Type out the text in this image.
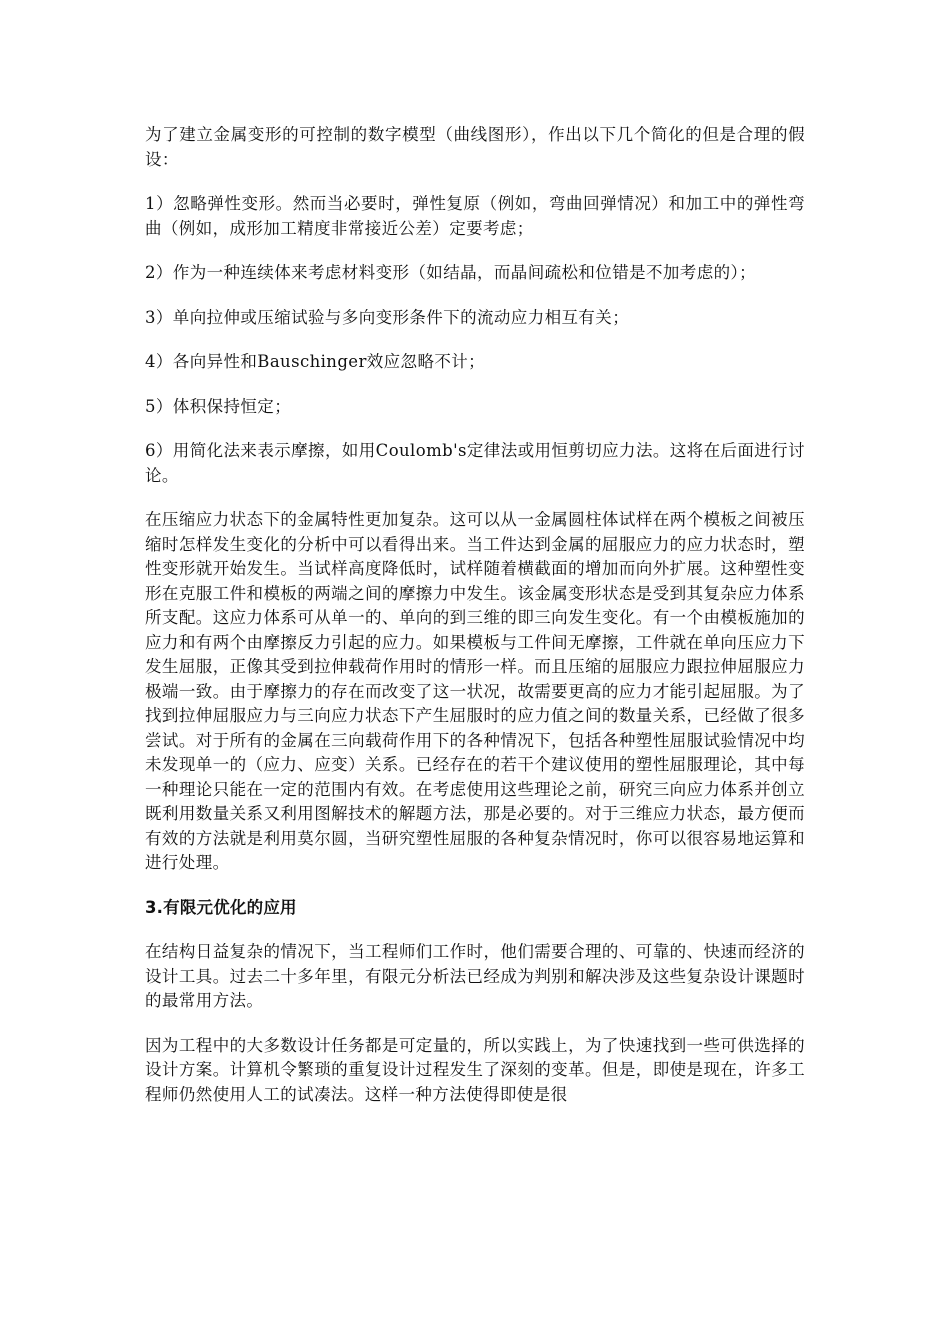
为了建立金属变形的可控制的数字模型（曲线图形），作出以下几个简化的但是合理的假设：

1）忽略弹性变形。然而当必要时，弹性复原（例如，弯曲回弹情况）和加工中的弹性弯曲（例如，成形加工精度非常接近公差）定要考虑；

2）作为一种连续体来考虑材料变形（如结晶，而晶间疏松和位错是不加考虑的）；

3）单向拉伸或压缩试验与多向变形条件下的流动应力相互有关；

4）各向异性和Bauschinger效应忽略不计；

5）体积保持恒定；

6）用简化法来表示摩擦，如用Coulomb's定律法或用恒剪切应力法。这将在后面进行讨论。

在压缩应力状态下的金属特性更加复杂。这可以从一金属圆柱体试样在两个模板之间被压缩时怎样发生变化的分析中可以看得出来。当工件达到金属的屈服应力的应力状态时，塑性变形就开始发生。当试样高度降低时，试样随着横截面的增加而向外扩展。这种塑性变形在克服工件和模板的两端之间的摩擦力中发生。该金属变形状态是受到其复杂应力体系所支配。这应力体系可从单一的、单向的到三维的即三向发生变化。有一个由模板施加的应力和有两个由摩擦反力引起的应力。如果模板与工件间无摩擦，工件就在单向压应力下发生屈服，正像其受到拉伸载荷作用时的情形一样。而且压缩的屈服应力跟拉伸屈服应力极端一致。由于摩擦力的存在而改变了这一状况，故需要更高的应力才能引起屈服。为了找到拉伸屈服应力与三向应力状态下产生屈服时的应力值之间的数量关系，已经做了很多尝试。对于所有的金属在三向载荷作用下的各种情况下，包括各种塑性屈服试验情况中均未发现单一的（应力、应变）关系。已经存在的若干个建议使用的塑性屈服理论，其中每一种理论只能在一定的范围内有效。在考虑使用这些理论之前，研究三向应力体系并创立既利用数量关系又利用图解技术的解题方法，那是必要的。对于三维应力状态，最方便而有效的方法就是利用莫尔圆，当研究塑性屈服的各种复杂情况时，你可以很容易地运算和进行处理。

3.有限元优化的应用

在结构日益复杂的情况下，当工程师们工作时，他们需要合理的、可靠的、快速而经济的设计工具。过去二十多年里，有限元分析法已经成为判别和解决涉及这些复杂设计课题时的最常用方法。

因为工程中的大多数设计任务都是可定量的，所以实践上，为了快速找到一些可供选择的设计方案。计算机令繁琐的重复设计过程发生了深刻的变革。但是，即使是现在，许多工程师仍然使用人工的试凑法。这样一种方法使得即使是很
